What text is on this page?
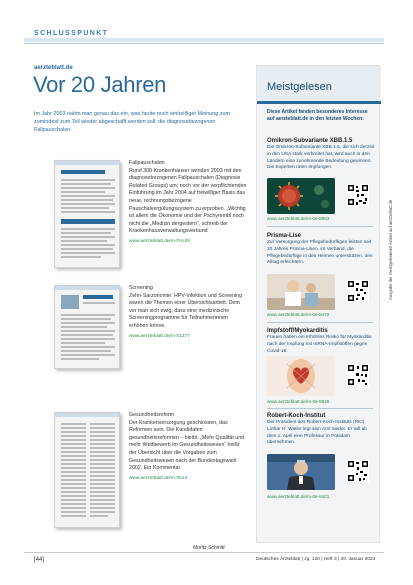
SCHLUSSPUNKT
aerzteblatt.de
Vor 20 Jahren
Im Jahr 2003 nahm man genau das ein, was heute noch einheitliger Meinung zum zumindest zum Teil wieder abgeschafft werden soll: die diagnosebezogenen Fallpauschalen
Fallpauschalen
Rund 300 Krankenhäuser wenden 2003 mit den diagnosebezogenen Fallpauschalen (Diagnosis Related Groups) um; noch vor der verpflichtenden Einführung im Jahr 2004 auf freiwilliger Basis das neue, rechnungsbezogene Pauschalvergütungssystem zu erproben. „Wichtig ist allem die Ökonomie und der Pschyrembl noch nicht die „Medizin dergestern“, schreib der Krankenhausverwaltungsverbund
www.aerzteblatt.de/m-FAU/S
Screening
Zehn-Sarzonomie: HPV-Infektion und Screening waren die Themen einer Übersichtsarbeit. Dem vor man sich ewig, dass eine medizinische Screeningprogramme für Teilnehmerinnen erhöhen könne.
www.aerzteblatt.de/m-01277
Gesundheitsreform
Der Krankenversorgung geschlossen, das Reformen sein. Die Kandidaten gesundheitsreformen – bleibt. „Mehr Qualität und mehr Wettbewerb im Gesundheitswesen“ heißt der Übersicht über die Vorgaben zum Gesundheitswesen nach der Bundestagswahl 2002. Ein Kommentar
www.aerzteblatt.de/m-0514
Moritz Schmitt
Meistgelesen
Diese Artikel fanden besonderes Interesse auf aerzteblatt.de in den letzten Wochen:
Omikron-Subvariante XBB.1.5
Die Omikron-Subvariante XBB.1.5, die sich derzeit in den USA stark verbreitet hat, wird auch in den Ländern eine zunehmende Bedeutung gewinnen. Die Experten raten Impfungen.
www.aerzteblatt.de/m-0e-8893
Prisma-Lise
Zur Versorgung der Pflegebedürftigen leisten seit 20 Jahren Prisma-Lisen, im Verband, die Pflegebedürftige in den Heimen unterstützen, den Alltag erleichtern.
www.aerzteblatt.de/m-0e-8472
Impfstoff/Myokarditis
Frauen haben ein erhöhtes Risiko für Myokarditis nach der Impfung mit mRNA-Impfstoffen gegen Covid-19.
www.aerzteblatt.de/m-0e-8848
Robert-Koch-Institut
Der Präsident des Robert-Koch-Instituts (RKI) Lothar H. Wieler legt sein Amt nieder. Er will ab dem 1. April eine Professur in Potsdam übernehmen.
www.aerzteblatt.de/m-0e-8401
Ausgabe der meistgelesenen Artikel auf aerzteblatt.de
[44]	Deutsches Ärzteblatt | Jg. 120 | Heft 3 | 20. Januar 2023
